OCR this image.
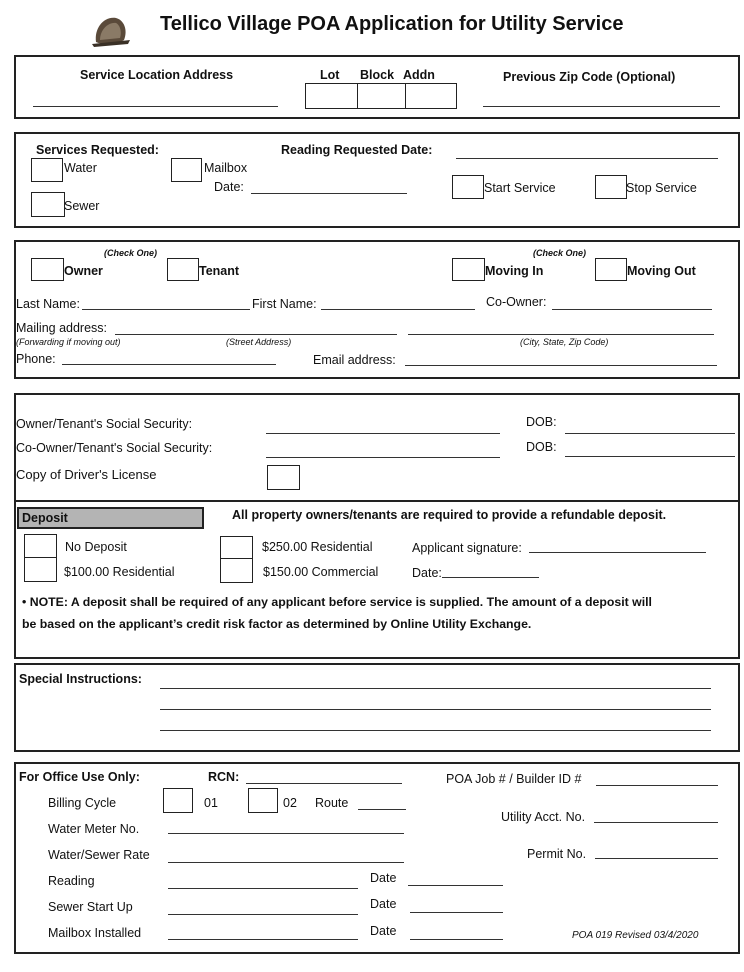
Tellico Village POA Application for Utility Service
Service Location Address	Lot Block Addn	Previous Zip Code (Optional)
Services Requested:
Water	Mailbox
Date:
Sewer
Reading Requested Date:
Start Service	Stop Service
(Check One)
Owner	Tenant
(Check One)
Moving In	Moving Out
Last Name:	First Name:	Co-Owner:
Mailing address:
(Forwarding if moving out)	(Street Address)	(City, State, Zip Code)
Phone:	Email address:
Owner/Tenant's Social Security:	DOB:
Co-Owner/Tenant's Social Security:	DOB:
Copy of Driver's License
Deposit	All property owners/tenants are required to provide a refundable deposit.
No Deposit
$100.00 Residential
$250.00 Residential
$150.00 Commercial
Applicant signature:
Date:
• NOTE: A deposit shall be required of any applicant before service is supplied. The amount of a deposit will
be based on the applicant’s credit risk factor as determined by Online Utility Exchange.
Special Instructions:
For Office Use Only:	RCN:	POA Job # / Builder ID #
Billing Cycle	01	02 Route
Water Meter No.
Utility Acct. No.
Water/Sewer Rate	Permit No.
Reading	Date
Sewer Start Up	Date
Mailbox Installed	Date	POA 019 Revised 03/4/2020
